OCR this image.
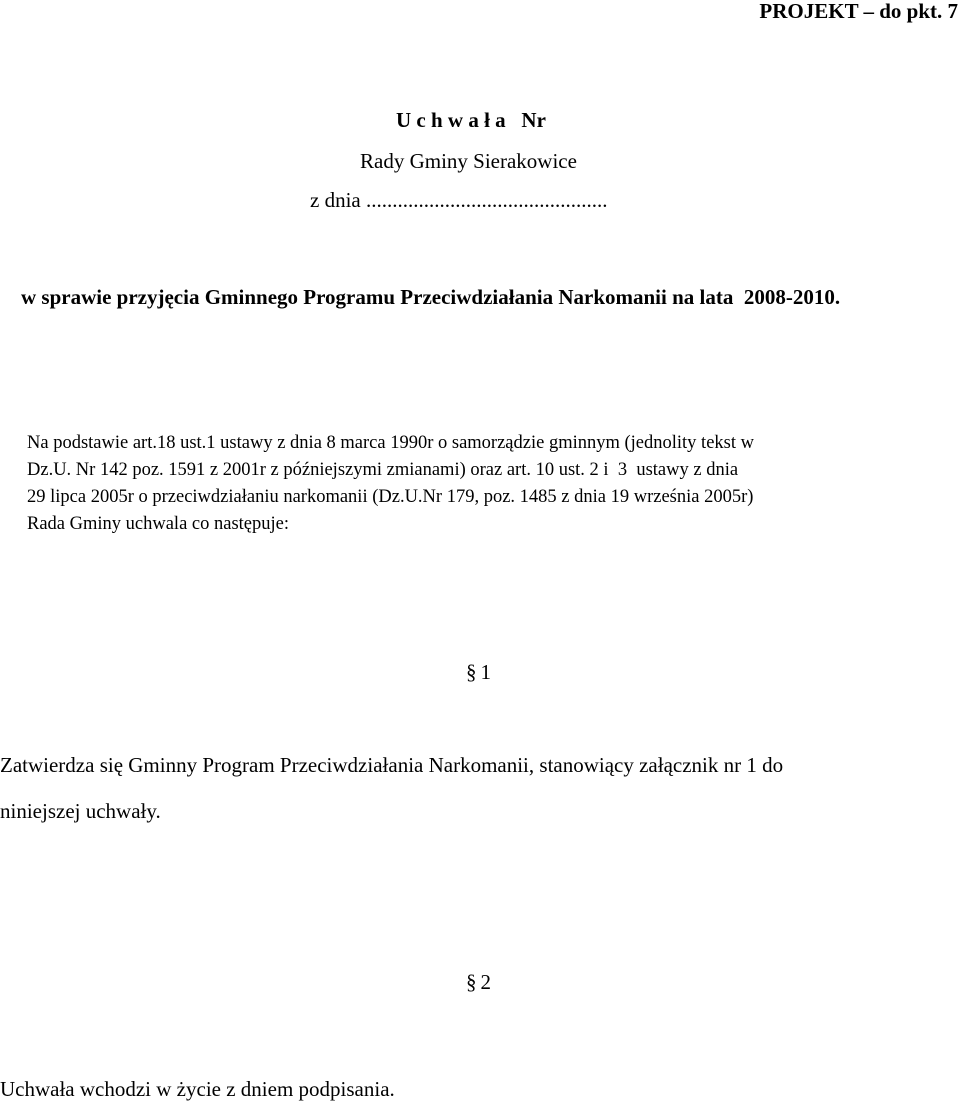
PROJEKT – do pkt. 7

U c h w a ł a   Nr

Rady Gminy Sierakowice

z dnia ..............................................

w sprawie przyjęcia Gminnego Programu Przeciwdziałania Narkomanii na lata  2008-2010.

Na podstawie art.18 ust.1 ustawy z dnia 8 marca 1990r o samorządzie gminnym (jednolity tekst w
Dz.U. Nr 142 poz. 1591 z 2001r z późniejszymi zmianami) oraz art. 10 ust. 2 i  3  ustawy z dnia
29 lipca 2005r o przeciwdziałaniu narkomanii (Dz.U.Nr 179, poz. 1485 z dnia 19 września 2005r)
Rada Gminy uchwala co następuje:

§ 1

Zatwierdza się Gminny Program Przeciwdziałania Narkomanii, stanowiący załącznik nr 1 do
niniejszej uchwały.

§ 2

Uchwała wchodzi w życie z dniem podpisania.
